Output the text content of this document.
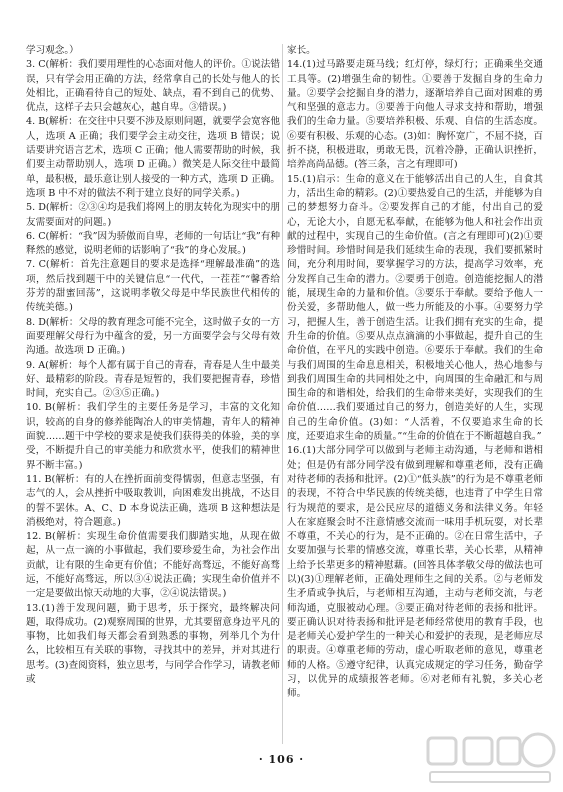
学习观念。）

3. C(解析：我们要用理性的心态面对他人的评价。①说法错误，只有学会用正确的方法，经常拿自己的长处与他人的长处相比，正确看待自己的短处、缺点，看不到自己的优势、优点，这样子去只会越灰心，越自卑。③错误。)

4. B(解析：在交往中只要不涉及原则问题，就要学会宽容他人，选项 A 正确；我们要学会主动交往，选项 B 错误；说话要讲究语言艺术，选项 C 正确；他人需要帮助的时候，我们要主动帮助别人，选项 D 正确。）微笑是人际交往中最简单，最积极，最乐意让别人接受的一种方式，选项 D 正确。选项 B 中不对的做法不利于建立良好的同学关系。)

5. D(解析：②③④均是我们将网上的朋友转化为现实中的朋友需要面对的问题。)

6. C(解析：“我”因为骄傲而自卑，老师的一句话让“我”有种释然的感觉，说明老师的话影响了“我”的身心发展。)

7. C(解析：首先注意题目的要求是选择“理解最准确”的选项，然后找到题干中的关键信息“一代代，一茬茬”“馨香给芬芳的甜蜜回荡”，这说明孝敬父母是中华民族世代相传的传统美德。)

8. D(解析：父母的教育理念可能不完全，这时做子女的一方面要理解父母行为中蕴含的爱，另一方面要学会与父母有效沟通。故选项 D 正确。)

9. A(解析：每个人都有属于自己的青春，青春是人生中最美好、最精彩的阶段。青春是短暂的，我们要把握青春，珍惜时间，充实自己。②③⑤正确。)

10. B(解析：我们学生的主要任务是学习，丰富的文化知识，较高的自身的修养能陶冶人的审美情趣，青年人的精神面貌……题干中学校的要求是使我们获得美的体验，美的享受，不断提升自己的审美能力和欣赏水平，使我们的精神世界不断丰富。)

11. B(解析：有的人在挫折面前变得懦弱，但意志坚强，有志气的人，会从挫折中吸取教训，向困难发出挑战，不达目的誓不罢休。A、C、D 本身说法正确，选项 B 这种想法是消极绝对，符合题意。)

12. B(解析：实现生命价值需要我们脚踏实地，从现在做起，从一点一滴的小事做起，我们要珍爱生命，为社会作出贡献，让有限的生命更有价值；不能好高骛远，不能好高骛远，不能好高骛远，所以③④说法正确；实现生命价值并不一定是要做出惊天动地的大事，②④说法错误。)

13.(1)善于发现问题，勤于思考，乐于探究，最终解决问题，取得成功。(2)观察周围的世界，尤其要留意身边平凡的事物，比如我们每天都会看到熟悉的事物，列举几个为什么，比较相互有关联的事物，寻找其中的差异，并对其进行思考。(3)查阅资料，独立思考，与同学合作学习，请教老师或

家长。

14.(1)过马路要走斑马线；红灯停，绿灯行；正确乘坐交通工具等。(2)增强生命的韧性。①要善于发掘自身的生命力量。②要学会挖掘自身的潜力，逐渐培养自己面对困难的勇气和坚强的意志力。③要善于向他人寻求支持和帮助，增强我们的生命力量。⑤要培养积极、乐观、自信的生活态度。⑥要有积极、乐观的心态。(3)如：胸怀宽广，不屈不挠，百折不挠，积极进取，勇敢无畏，沉着冷静，正确认识挫折，培养高尚品德。(答三条，言之有理即可)

15.(1)启示：生命的意义在于能够活出自己的人生，自食其力，活出生命的精彩。(2)①要热爱自己的生活，并能够为自己的梦想努力奋斗。②要发挥自己的才能，付出自己的爱心，无论大小，自愿无私奉献，在能够为他人和社会作出贡献的过程中，实现自己的生命价值。(言之有理即可)(2)①要珍惜时间。珍惜时间是我们延续生命的表现，我们要抓紧时间，充分利用时间，要掌握学习的方法，提高学习效率，充分发挥自己生命的潜力。②要勇于创造。创造能挖掘人的潜能，展现生命的力量和价值。③要乐于奉献。要给予他人一份关爱，多帮助他人，做一些力所能及的小事。④要努力学习，把握人生，善于创造生活。让我们拥有充实的生命，提升生命的价值。⑤要从点点滴滴的小事做起，提升自己的生命价值，在平凡的实践中创造。⑥要乐于奉献。我们的生命与我们周围的生命息息相关，积极地关心他人，热心地参与到我们周围生命的共同相处之中，向周围的生命融汇和与周围生命的和谐相处，给我们的生命带来美好，实现我们的生命价值……我们要通过自己的努力，创造美好的人生，实现自己的生命价值。(3)如：“人活着，不仅要追求生命的长度，还要追求生命的质量。”“生命的价值在于不断超越自我。”

16.(1)大部分同学可以做到与老师主动沟通，与老师和谐相处；但是仍有部分同学没有做到理解和尊重老师，没有正确对待老师的表扬和批评。(2)①“低头族”的行为是不尊重老师的表现，不符合中华民族的传统美德，也违背了中学生日常行为规范的要求，是公民应尽的道德义务和法律义务。年轻人在家庭聚会时不注意情感交流而一味用手机玩耍，对长辈不尊重，不关心的行为，是不正确的。②在日常生活中，子女要加强与长辈的情感交流，尊重长辈，关心长辈，从精神上给予长辈更多的精神慰藉。(回答具体孝敬父母的做法也可以)(3)①理解老师，正确处理师生之间的关系。②与老师发生矛盾或争执后，与老师相互沟通，主动与老师交流，与老师沟通，克服被动心理。③要正确对待老师的表扬和批评。要正确认识对待表扬和批评是老师经常使用的教育手段，也是老师关心爱护学生的一种关心和爱护的表现，是老师应尽的职责。④尊重老师的劳动，虚心听取老师的意见，尊重老师的人格。⑤遵守纪律，认真完成规定的学习任务，勤奋学习，以优异的成绩报答老师。⑥对老师有礼貌，多关心老师。

· 106 ·
